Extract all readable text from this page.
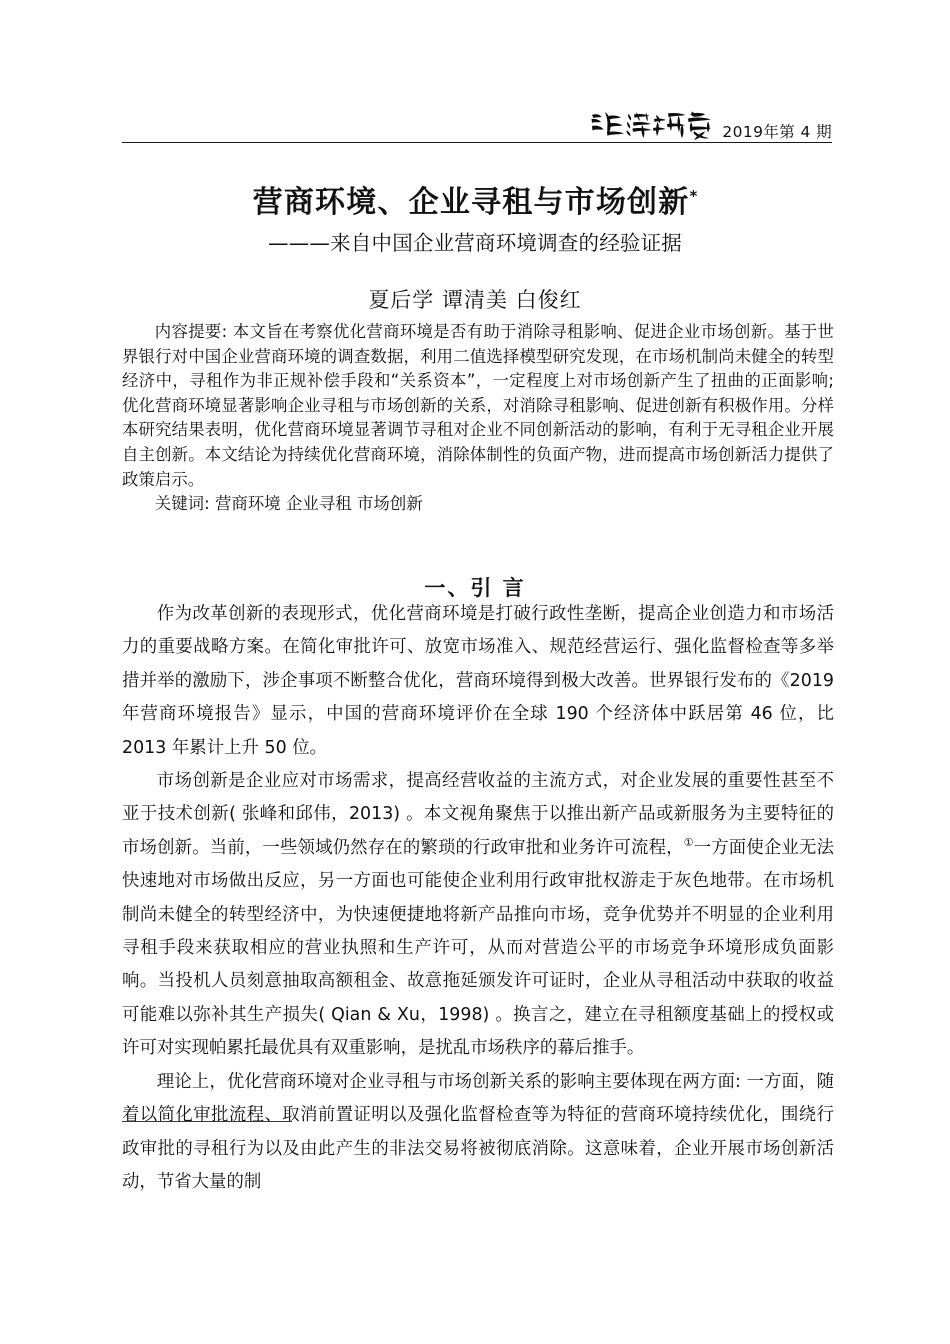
2019年第 4 期
营商环境、企业寻租与市场创新*
———来自中国企业营商环境调查的经验证据
夏后学 谭清美 白俊红
内容提要: 本文旨在考察优化营商环境是否有助于消除寻租影响、促进企业市场创新。基于世界银行对中国企业营商环境的调查数据，利用二值选择模型研究发现，在市场机制尚未健全的转型经济中，寻租作为非正规补偿手段和“关系资本”，一定程度上对市场创新产生了扭曲的正面影响; 优化营商环境显著影响企业寻租与市场创新的关系，对消除寻租影响、促进创新有积极作用。分样本研究结果表明，优化营商环境显著调节寻租对企业不同创新活动的影响，有利于无寻租企业开展自主创新。本文结论为持续优化营商环境，消除体制性的负面产物，进而提高市场创新活力提供了政策启示。
关键词: 营商环境 企业寻租 市场创新
一、引 言

作为改革创新的表现形式，优化营商环境是打破行政性垄断，提高企业创造力和市场活力的重要战略方案。在简化审批许可、放宽市场准入、规范经营运行、强化监督检查等多举措并举的激励下，涉企事项不断整合优化，营商环境得到极大改善。世界银行发布的《2019 年营商环境报告》显示，中国的营商环境评价在全球 190 个经济体中跃居第 46 位，比 2013 年累计上升 50 位。

市场创新是企业应对市场需求，提高经营收益的主流方式，对企业发展的重要性甚至不亚于技术创新( 张峰和邱伟，2013) 。本文视角聚焦于以推出新产品或新服务为主要特征的市场创新。当前，一些领域仍然存在的繁琐的行政审批和业务许可流程，①一方面使企业无法快速地对市场做出反应，另一方面也可能使企业利用行政审批权游走于灰色地带。在市场机制尚未健全的转型经济中，为快速便捷地将新产品推向市场，竞争优势并不明显的企业利用寻租手段来获取相应的营业执照和生产许可，从而对营造公平的市场竞争环境形成负面影响。当投机人员刻意抽取高额租金、故意拖延颁发许可证时，企业从寻租活动中获取的收益可能难以弥补其生产损失( Qian & Xu，1998) 。换言之，建立在寻租额度基础上的授权或许可对实现帕累托最优具有双重影响，是扰乱市场秩序的幕后推手。

理论上，优化营商环境对企业寻租与市场创新关系的影响主要体现在两方面: 一方面，随着以简化审批流程、取消前置证明以及强化监督检查等为特征的营商环境持续优化，围绕行政审批的寻租行为以及由此产生的非法交易将被彻底消除。这意味着，企业开展市场创新活动，节省大量的制
